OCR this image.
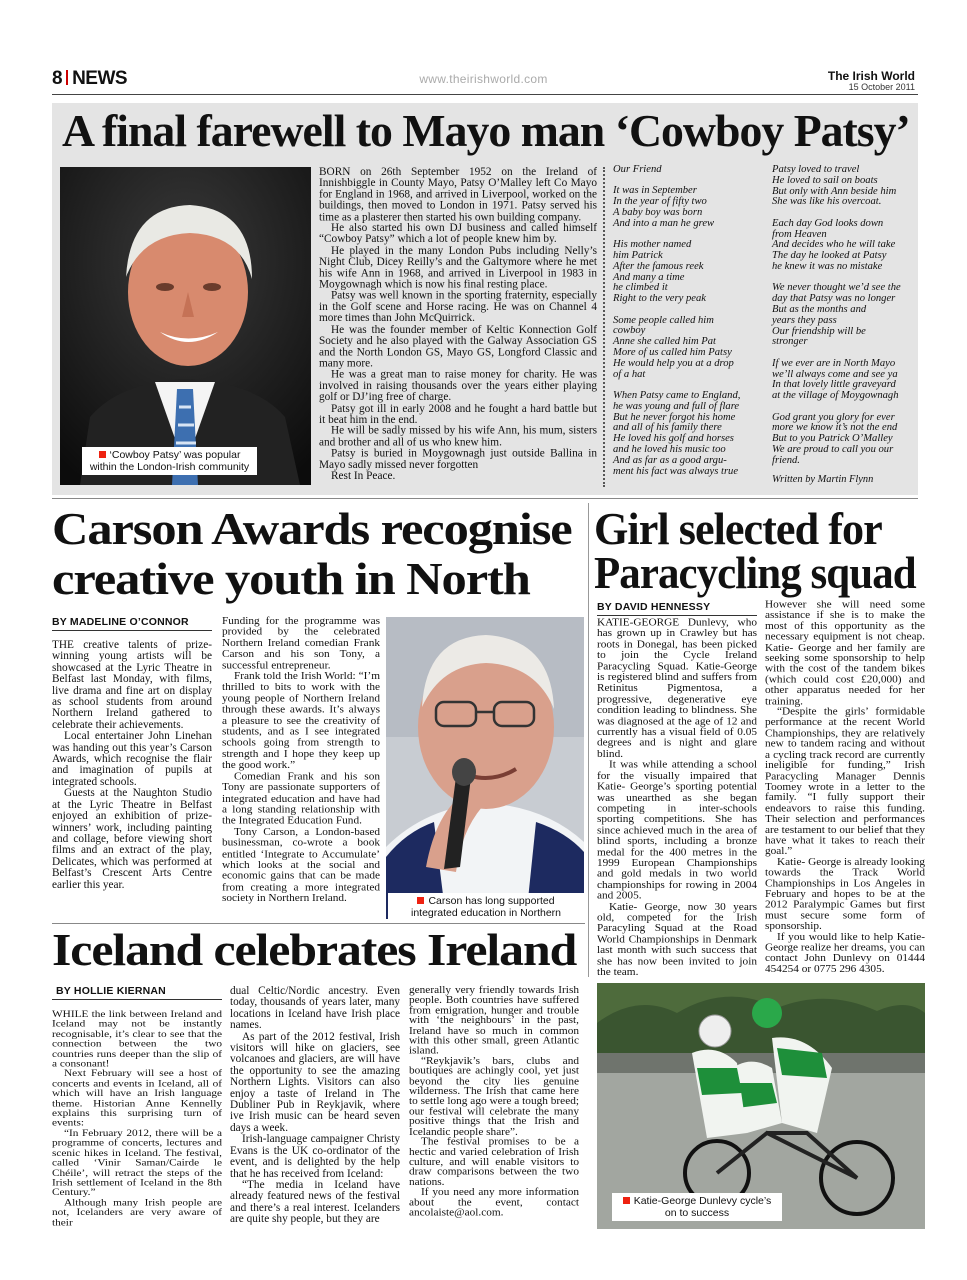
8 NEWS	www.theirishworld.com	The Irish World
15 October 2011
A final farewell to Mayo man ‘Cowboy Patsy’
‘Cowboy Patsy’ was popular within the London-Irish community

BORN on 26th September 1952 on the Ireland of Innishbiggle in County Mayo, Patsy O’Malley left Co Mayo for England in 1968, and arrived in Liverpool, worked on the buildings, then moved to London in 1971. Patsy served his time as a plasterer then started his own building company.

He also started his own DJ business and called himself “Cowboy Patsy” which a lot of people knew him by.

He played in the many London Pubs including Nelly’s Night Club, Dicey Reilly’s and the Galtymore where he met his wife Ann in 1968, and arrived in Liverpool in 1983 in Moygownagh which is now his final resting place.

Patsy was well known in the sporting fraternity, especially in the Golf scene and Horse racing. He was on Channel 4 more times than John McQuirrick.

He was the founder member of Keltic Konnection Golf Society and he also played with the Galway Association GS and the North London GS, Mayo GS, Longford Classic and many more.

He was a great man to raise money for charity. He was involved in raising thousands over the years either playing golf or DJ’ing free of charge.

Patsy got ill in early 2008 and he fought a hard battle but it beat him in the end.

He will be sadly missed by his wife Ann, his mum, sisters and brother and all of us who knew him.

Patsy is buried in Moygownagh just outside Ballina in Mayo sadly missed never forgotten

Rest In Peace.

Our Friend
It was in September
In the year of fifty two
A baby boy was born
And into a man he grew
His mother named
him Patrick
After the famous reek
And many a time
he climbed it
Right to the very peak
Some people called him
cowboy
Anne she called him Pat
More of us called him Patsy
He would help you at a drop
of a hat
When Patsy came to England,
he was young and full of flare
But he never forgot his home
and all of his family there
He loved his golf and horses
and he loved his music too
And as far as a good argu-
ment his fact was always true
Patsy loved to travel
He loved to sail on boats
But only with Ann beside him
She was like his overcoat.
Each day God looks down
from Heaven
And decides who he will take
The day he looked at Patsy
he knew it was no mistake
We never thought we’d see the
day that Patsy was no longer
But as the months and
years they pass
Our friendship will be
stronger
If we ever are in North Mayo
we’ll always come and see ya
In that lovely little graveyard
at the village of Moygownagh
God grant you glory for ever
more we know it’s not the end
But to you Patrick O’Malley
We are proud to call you our
friend.
Written by Martin Flynn
Carson Awards recognise
creative youth in North
BY MADELINE O’CONNOR

THE creative talents of prize-winning young artists will be showcased at the Lyric Theatre in Belfast last Monday, with films, live drama and fine art on display as school students from around Northern Ireland gathered to celebrate their achievements.

Local entertainer John Linehan was handing out this year’s Carson Awards, which recognise the flair and imagination of pupils at integrated schools.

Guests at the Naughton Studio at the Lyric Theatre in Belfast enjoyed an exhibition of prize-winners’ work, including painting and collage, before viewing short films and an extract of the play, Delicates, which was performed at Belfast’s Crescent Arts Centre earlier this year.

Funding for the programme was provided by the celebrated Northern Ireland comedian Frank Carson and his son Tony, a successful entrepreneur.

Frank told the Irish World: “I’m thrilled to bits to work with the young people of Northern Ireland through these awards. It’s always a pleasure to see the creativity of students, and as I see integrated schools going from strength to strength and I hope they keep up the good work.”

Comedian Frank and his son Tony are passionate supporters of integrated education and have had a long standing relationship with the Integrated Education Fund.

Tony Carson, a London-based businessman, co-wrote a book entitled ‘Integrate to Accumulate’ which looks at the social and economic gains that can be made from creating a more integrated society in Northern Ireland.	Carson has long supported integrated education in Northern
Girl selected for
Paracycling squad
BY DAVID HENNESSY

KATIE-GEORGE Dunlevy, who has grown up in Crawley but has roots in Donegal, has been picked to join the Cycle Ireland Paracycling Squad. Katie-George is registered blind and suffers from Retinitus Pigmentosa, a progressive, degenerative eye condition leading to blindness. She was diagnosed at the age of 12 and currently has a visual field of 0.05 degrees and is night and glare blind.

It was while attending a school for the visually impaired that Katie- George’s sporting potential was unearthed as she began competing in inter-schools sporting competitions. She has since achieved much in the area of blind sports, including a bronze medal for the 400 metres in the 1999 European Championships and gold medals in two world championships for rowing in 2004 and 2005.

Katie- George, now 30 years old, competed for the Irish Paracyling Squad at the Road World Championships in Denmark last month with such success that she has now been invited to join the team.

However she will need some assistance if she is to make the most of this opportunity as the necessary equipment is not cheap. Katie- George and her family are seeking some sponsorship to help with the cost of the tandem bikes (which could cost £20,000) and other apparatus needed for her training.

“Despite the girls’ formidable performance at the recent World Championships, they are relatively new to tandem racing and without a cycling track record are currently ineligible for funding,” Irish Paracycling Manager Dennis Toomey wrote in a letter to the family. “I fully support their endeavors to raise this funding. Their selection and performances are testament to our belief that they have what it takes to reach their goal.”

Katie- George is already looking towards the Track World Championships in Los Angeles in February and hopes to be at the 2012 Paralympic Games but first must secure some form of sponsorship.

If you would like to help Katie- George realize her dreams, you can contact John Dunlevy on 01444 454254 or 0775 296 4305.

Iceland celebrates Ireland
BY HOLLIE KIERNAN

WHILE the link between Ireland and Iceland may not be instantly recognisable, it’s clear to see that the connection between the two countries runs deeper than the slip of a consonant!

Next February will see a host of concerts and events in Iceland, all of which will have an Irish language theme. Historian Anne Kennelly explains this surprising turn of events:

“In February 2012, there will be a programme of concerts, lectures and scenic hikes in Iceland. The festival, called ‘Vinir Saman/Cairde le Chéile’, will retract the steps of the Irish settlement of Iceland in the 8th Century.”

Although many Irish people are not, Icelanders are very aware of their

dual Celtic/Nordic ancestry. Even today, thousands of years later, many locations in Iceland have Irish place names.

As part of the 2012 festival, Irish visitors will hike on glaciers, see volcanoes and glaciers, are will have the opportunity to see the amazing Northern Lights. Visitors can also enjoy a taste of Ireland in The Dubliner Pub in Reykjavik, where ive Irish music can be heard seven days a week.

Irish-language campaigner Christy Evans is the UK co-ordinator of the event, and is delighted by the help that he has received from Iceland:

“The media in Iceland have already featured news of the festival and there’s a real interest. Icelanders are quite shy people, but they are

generally very friendly towards Irish people. Both countries have suffered from emigration, hunger and trouble with ‘the neighbours’ in the past, Ireland have so much in common with this other small, green Atlantic island.

“Reykjavik’s bars, clubs and boutiques are achingly cool, yet just beyond the city lies genuine wilderness. The Irish that came here to settle long ago were a tough breed; our festival will celebrate the many positive things that the Irish and Icelandic people share”.

The festival promises to be a hectic and varied celebration of Irish culture, and will enable visitors to draw comparisons between the two nations.

If you need any more information about the event, contact ancolaiste@aol.com.

Katie-George Dunlevy cycle’s on to success
